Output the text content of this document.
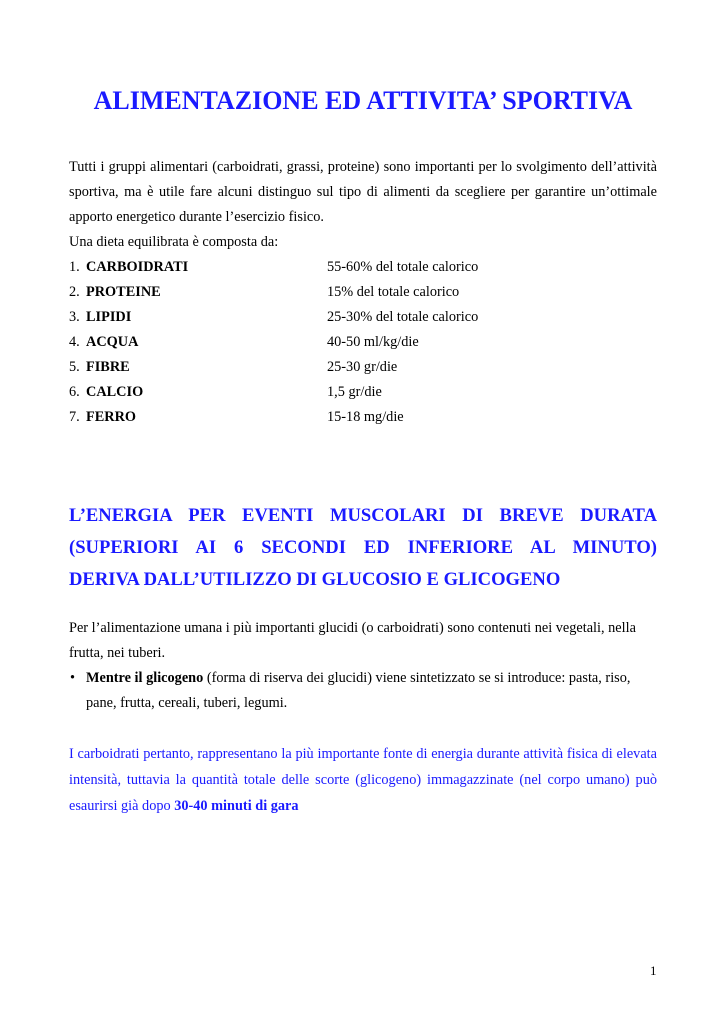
ALIMENTAZIONE ED ATTIVITA’ SPORTIVA

Tutti i gruppi alimentari (carboidrati, grassi, proteine) sono importanti per lo svolgimento dell’attività sportiva, ma è utile fare alcuni distinguo sul tipo di alimenti da scegliere per garantire un’ottimale apporto energetico durante l’esercizio fisico.
Una dieta equilibrata è composta da:

1. CARBOIDRATI	55-60% del totale calorico
2. PROTEINE	15% del totale calorico
3. LIPIDI	25-30% del totale calorico
4. ACQUA	40-50 ml/kg/die
5. FIBRE	25-30 gr/die
6. CALCIO	1,5 gr/die
7. FERRO	15-18 mg/die
L’ENERGIA PER EVENTI MUSCOLARI DI BREVE DURATA
(SUPERIORI AI 6 SECONDI ED INFERIORE AL MINUTO)
DERIVA DALL’UTILIZZO DI GLUCOSIO E GLICOGENO

Per l’alimentazione umana i più importanti glucidi (o carboidrati) sono contenuti nei vegetali, nella frutta, nei tuberi.

• Mentre il glicogeno (forma di riserva dei glucidi) viene sintetizzato se si introduce: pasta, riso, pane, frutta, cereali, tuberi, legumi.

I carboidrati pertanto, rappresentano la più importante fonte di energia durante attività fisica di elevata intensità, tuttavia la quantità totale delle scorte (glicogeno) immagazzinate (nel corpo umano) può esaurirsi già dopo 30-40 minuti di gara

1
